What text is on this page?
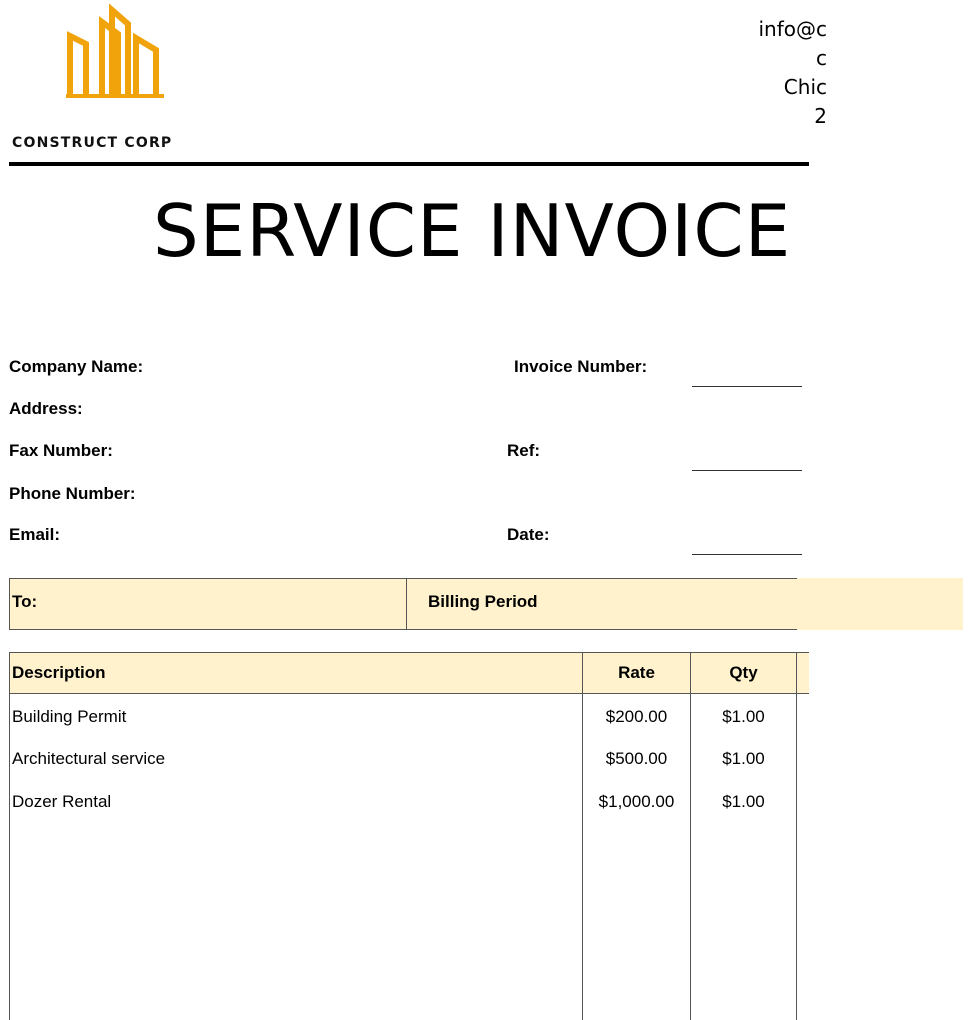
CONSTRUCT CORP
info@c
c
Chic
2
SERVICE INVOICE
Company Name:
Address:
Fax Number:
Phone Number:
Email:
Invoice Number:
Ref:
Date:
To:	Billing Period
Description	Rate	Qty
Building Permit	$200.00	$1.00
Architectural service	$500.00	$1.00
Dozer Rental	$1,000.00	$1.00
